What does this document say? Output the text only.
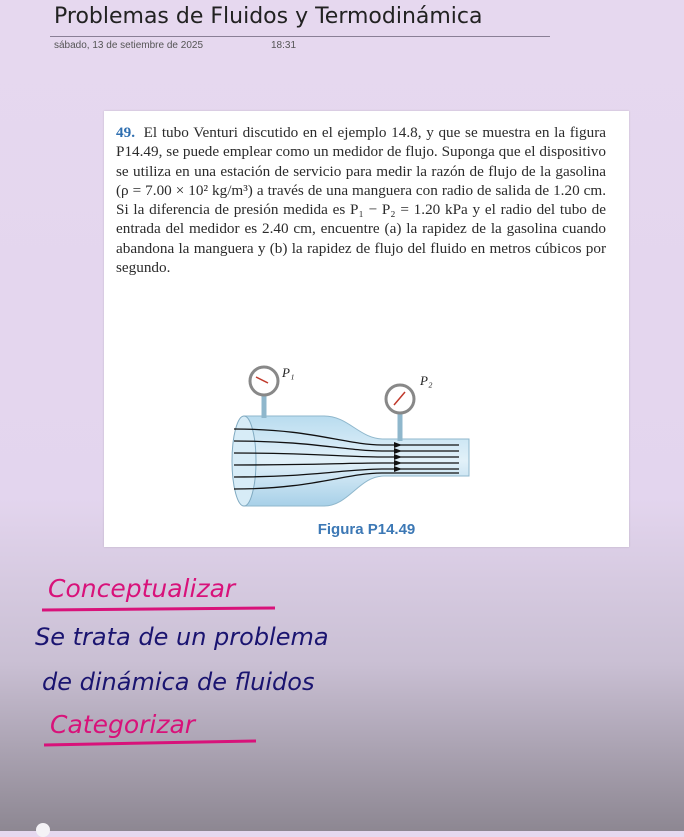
Problemas de Fluidos y Termodinámica
sábado, 13 de setiembre de 2025	18:31
49. El tubo Venturi discutido en el ejemplo 14.8, y que se muestra en la figura P14.49, se puede emplear como un medidor de flujo. Suponga que el dispositivo se utiliza en una estación de servicio para medir la razón de flujo de la gasolina (ρ = 7.00 × 10² kg/m³) a través de una manguera con radio de salida de 1.20 cm. Si la diferencia de presión medida es P₁ − P₂ = 1.20 kPa y el radio del tubo de entrada del medidor es 2.40 cm, encuentre (a) la rapidez de la gasolina cuando abandona la manguera y (b) la rapidez de flujo del fluido en metros cúbicos por segundo.
P₁
P₂
Figura P14.49
Conceptualizar
Se trata de un problema
de dinámica de fluidos
Categorizar
